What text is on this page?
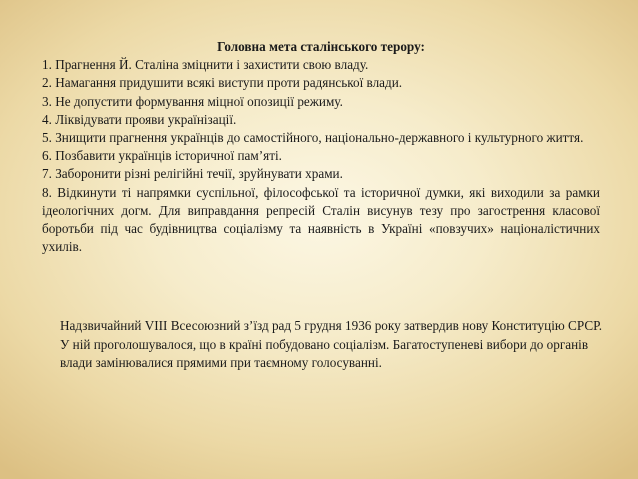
Головна мета сталінського терору:

1. Прагнення Й. Сталіна зміцнити і захистити свою владу.
2. Намагання придушити всякі виступи проти радянської влади.
3. Не допустити формування міцної опозиції режиму.
4. Ліквідувати прояви українізації.
5. Знищити прагнення українців до самостійного, національно-державного і культурного життя.
6. Позбавити українців історичної пам’яті.
7. Заборонити різні релігійні течії, зруйнувати храми.
8. Відкинути ті напрямки суспільної, філософської та історичної думки, які виходили за рамки ідеологічних догм. Для виправдання репресій Сталін висунув тезу про загострення класової боротьби під час будівництва соціалізму та наявність в Україні «повзучих» націоналістичних ухилів.

Надзвичайний VIII Всесоюзний з’їзд рад 5 грудня 1936 року затвердив нову Конституцію СРСР. У ній проголошувалося, що в країні побудовано соціалізм. Багатоступеневі вибори до органів влади замінювалися прямими при таємному голосуванні.
